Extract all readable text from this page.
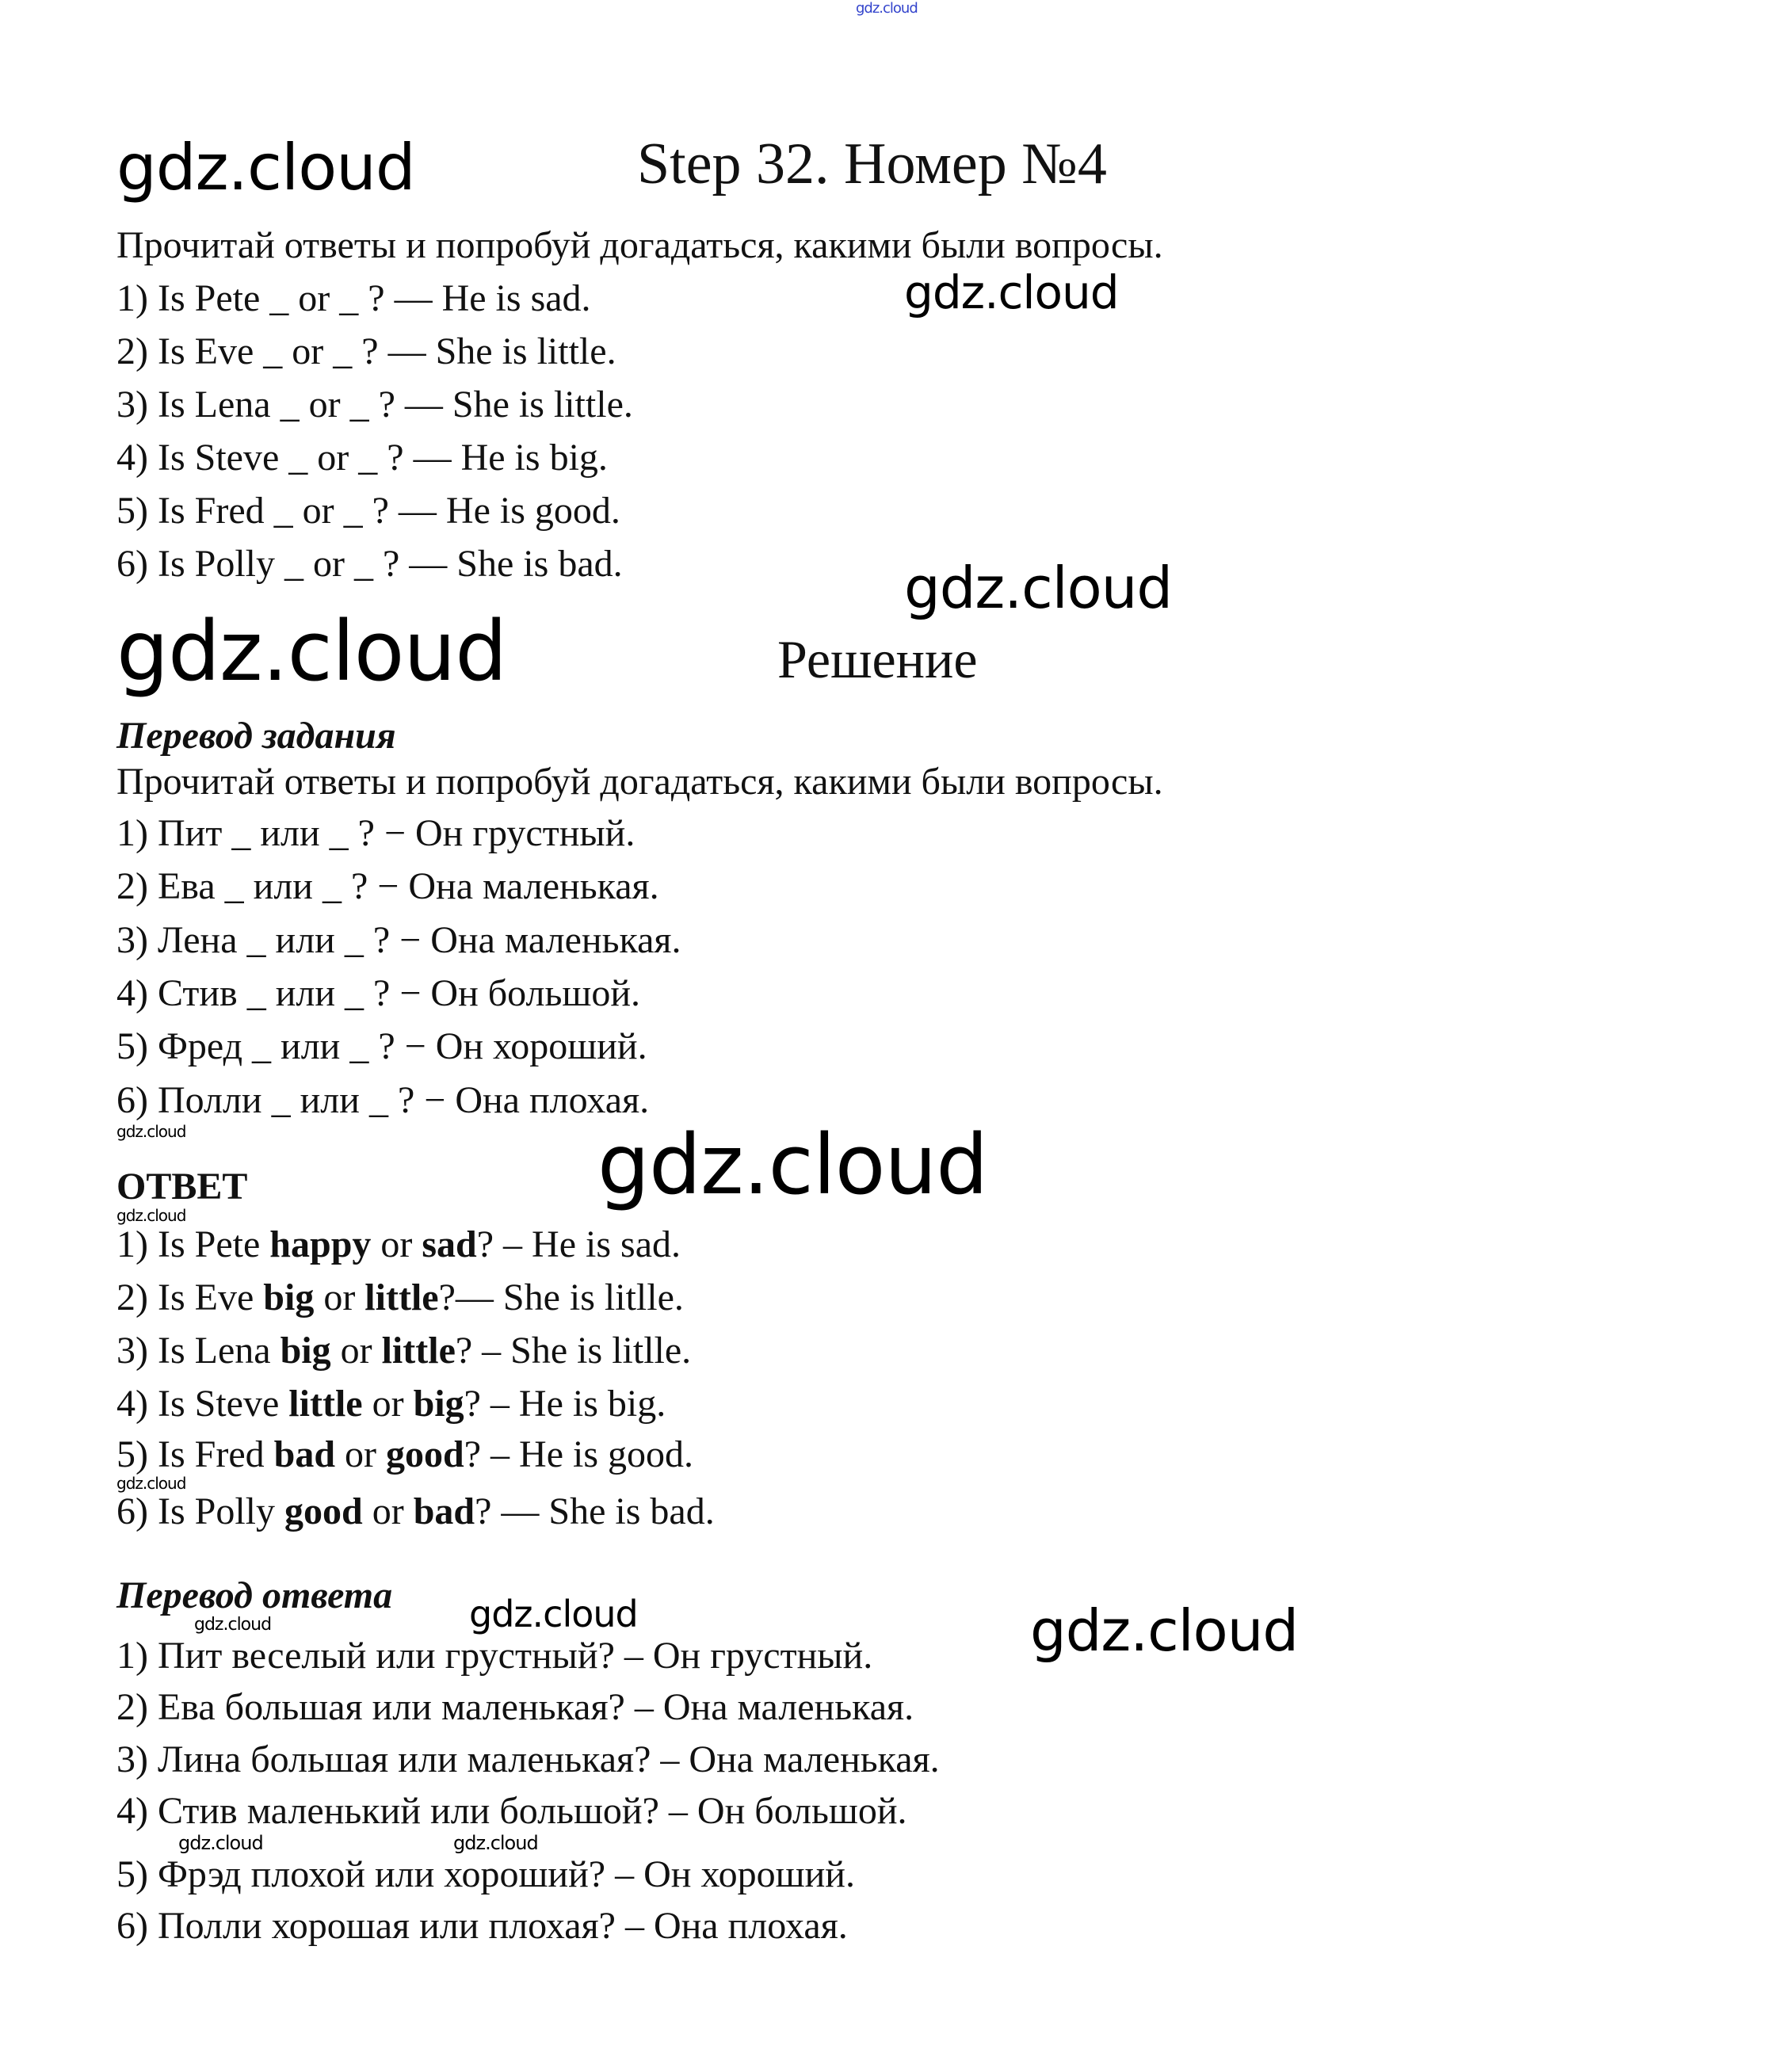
gdz.cloud
gdz.cloud
gdz.cloud
gdz.cloud
gdz.cloud
gdz.cloud	gdz.cloud
gdz.cloud
gdz.cloud
gdz.cloud	gdz.cloud	gdz.cloud
gdz.cloud	gdz.cloud
Step 32. Номер №4
Прочитай ответы и попробуй догадаться, какими были вопросы.
1) Is Pete _ or _ ? — He is sad.
2) Is Eve _ or _ ? — She is little.
3) Is Lena _ or _ ? — She is little.
4) Is Steve _ or _ ? — He is big.
5) Is Fred _ or _ ? — He is good.
6) Is Polly _ or _ ? — She is bad.
Решение
Перевод задания
Прочитай ответы и попробуй догадаться, какими были вопросы.
1) Пит _ или _ ? − Он грустный.
2) Ева _ или _ ? − Она маленькая.
3) Лена _ или _ ? − Она маленькая.
4) Стив _ или _ ? − Он большой.
5) Фред _ или _ ? − Он хороший.
6) Полли _ или _ ? − Она плохая.
ОТВЕТ
1) Is Pete happy or sad? – He is sad.
2) Is Eve big or little?— She is litlle.
3) Is Lena big or little? – She is litlle.
4) Is Steve little or big? – He is big.
5) Is Fred bad or good? – He is good.
6) Is Polly good or bad? — She is bad.
Перевод ответа
1) Пит веселый или грустный? – Он грустный.
2) Ева большая или маленькая? – Она маленькая.
3) Лина большая или маленькая? – Она маленькая.
4) Стив маленький или большой? – Он большой.
5) Фрэд плохой или хороший? – Он хороший.
6) Полли хорошая или плохая? – Она плохая.
